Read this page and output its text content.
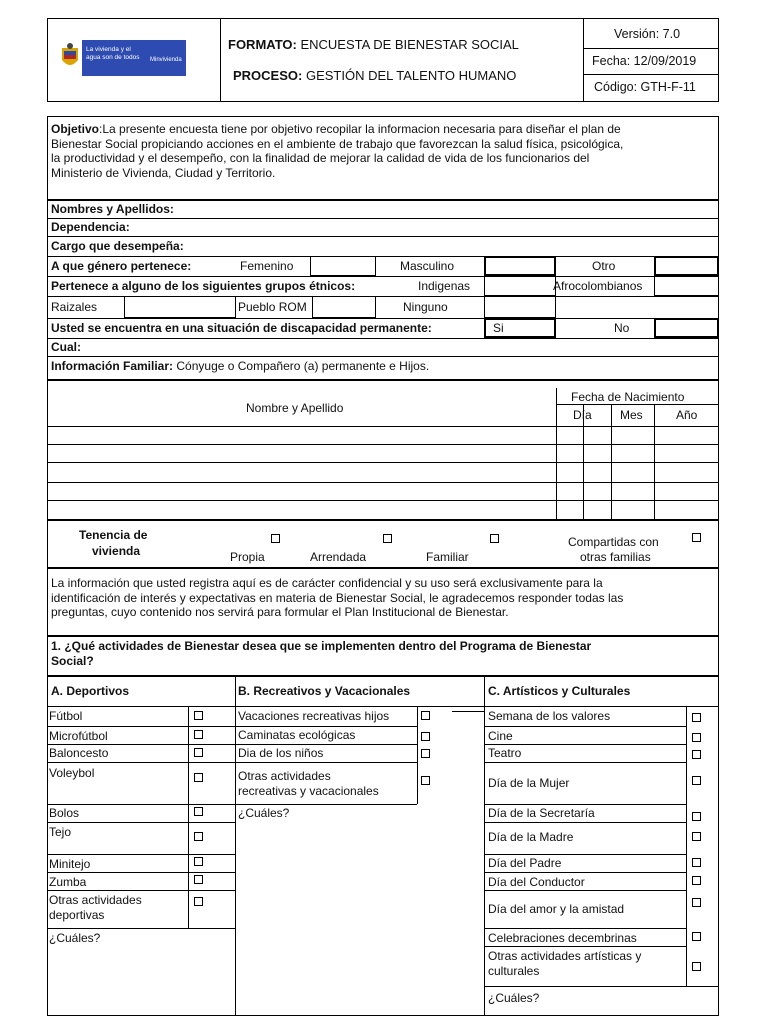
La vivienda y el agua son de todos	Minvivienda
FORMATO: ENCUESTA DE BIENESTAR SOCIAL
PROCESO: GESTIÓN DEL TALENTO HUMANO
Versión: 7.0
Fecha: 12/09/2019
Código: GTH-F-11
Objetivo:La presente encuesta tiene por objetivo recopilar la informacion necesaria para diseñar el plan de
Bienestar Social propiciando acciones en el ambiente de trabajo que favorezcan la salud física, psicológica,
la productividad y el desempeño, con la finalidad de mejorar la calidad de vida de los funcionarios del
Ministerio de Vivienda, Ciudad y Territorio.
Nombres y Apellidos:
Dependencia:
Cargo que desempeña:
A que género pertenece:	Femenino	Masculino	Otro
Pertenece a alguno de los siguientes grupos étnicos:	Indigenas	Afrocolombianos
Raizales	Pueblo ROM	Ninguno
Usted se encuentra en una situación de discapacidad permanente:	Si	No
Cual:
Información Familiar: Cónyuge o Compañero (a) permanente e Hijos.
Nombre y Apellido
Fecha de Nacimiento
Día Mes	Año
Tenencia de
vivienda	Propia	Arrendada	Familiar
Compartidas con
otras familias
La información que usted registra aquí es de carácter confidencial y su uso será exclusivamente para la
identificación de interés y expectativas en materia de Bienestar Social, le agradecemos responder todas las
preguntas, cuyo contenido nos servirá para formular el Plan Institucional de Bienestar.
1. ¿Qué actividades de Bienestar desea que se implementen dentro del Programa de Bienestar
Social?
A. Deportivos	B. Recreativos y Vacacionales	C. Artísticos y Culturales
Fútbol
Microfútbol
Baloncesto
Voleybol
Bolos
Tejo
Minitejo
Zumba
Otras actividades
deportivas
¿Cuáles?
Vacaciones recreativas hijos
Caminatas ecológicas
Dia de los niños
Otras actividades
recreativas y vacacionales
¿Cuáles?
Semana de los valores
Cine
Teatro
Día de la Mujer
Día de la Secretaría
Día de la Madre
Día del Padre
Día del Conductor
Día del amor y la amistad
Celebraciones decembrinas
Otras actividades artísticas y
culturales
¿Cuáles?
